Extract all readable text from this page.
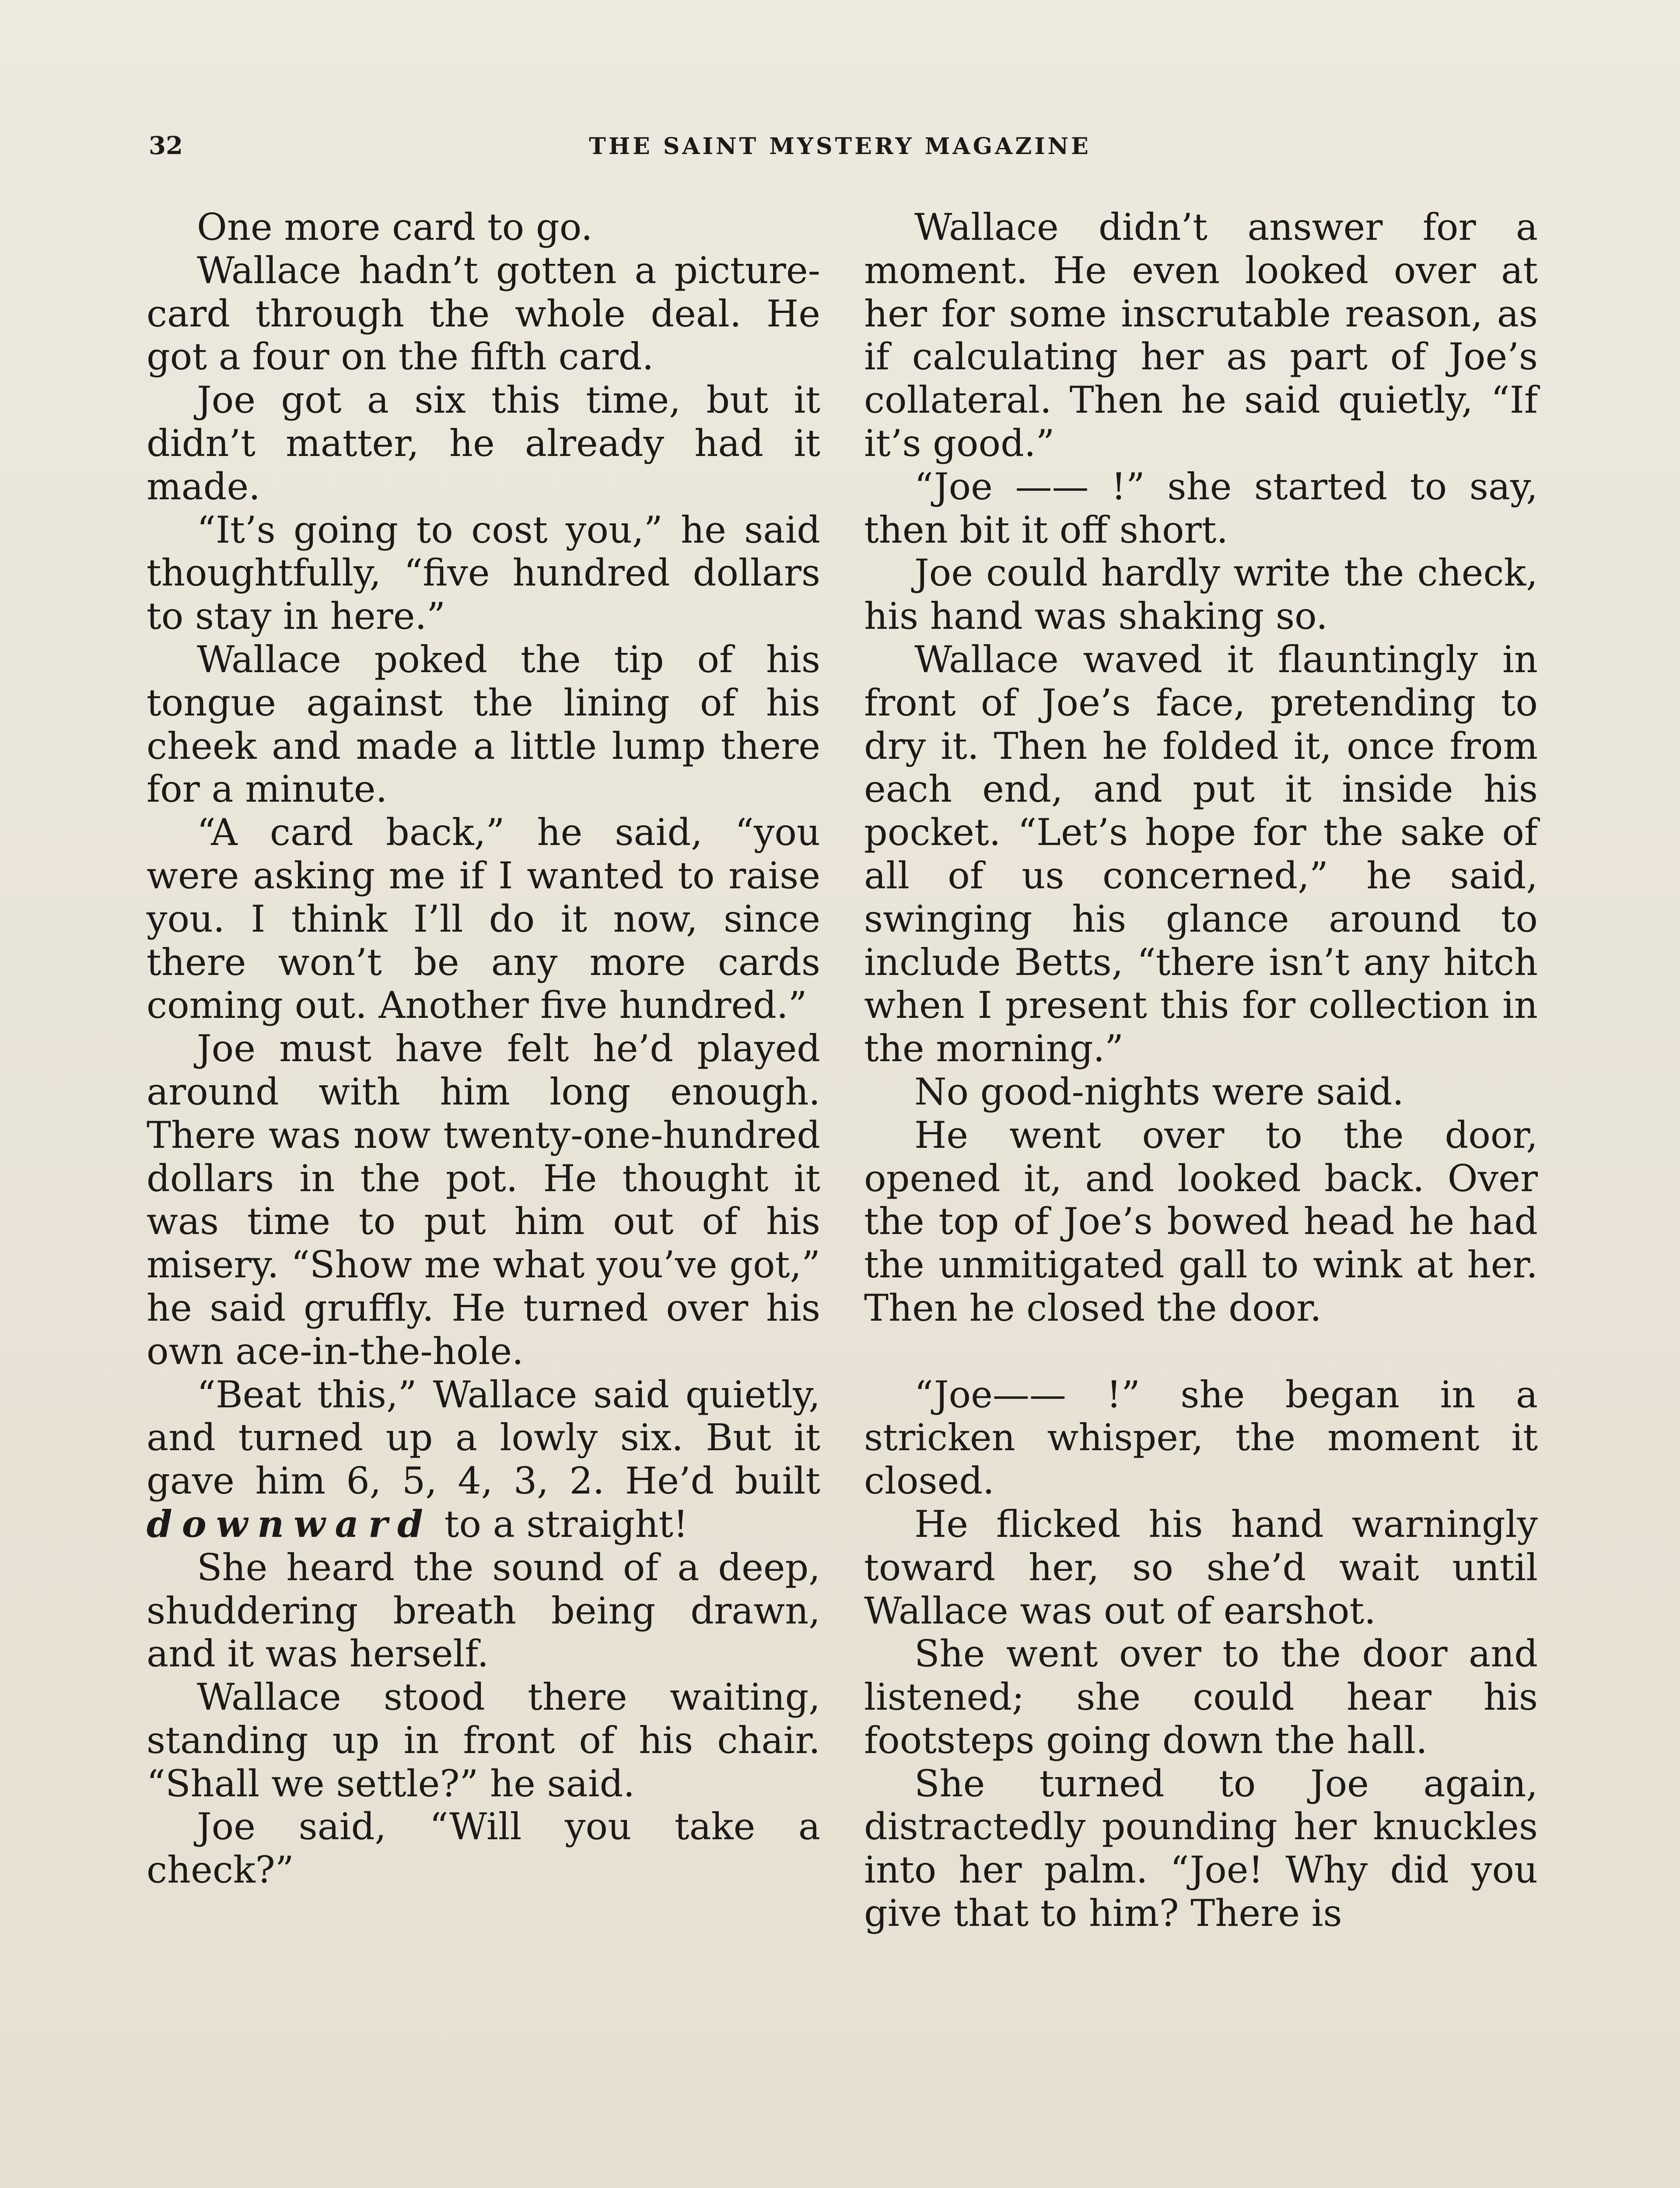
32	THE SAINT MYSTERY MAGAZINE

One more card to go.

Wallace hadn’t gotten a picture-card through the whole deal. He got a four on the fifth card.

Joe got a six this time, but it didn’t matter, he already had it made.

“It’s going to cost you,” he said thoughtfully, “five hundred dollars to stay in here.”

Wallace poked the tip of his tongue against the lining of his cheek and made a little lump there for a minute.

“A card back,” he said, “you were asking me if I wanted to raise you. I think I’ll do it now, since there won’t be any more cards coming out. Another five hundred.”

Joe must have felt he’d played around with him long enough. There was now twenty-one-hundred dollars in the pot. He thought it was time to put him out of his misery. “Show me what you’ve got,” he said gruffly. He turned over his own ace-in-the-hole.

“Beat this,” Wallace said quietly, and turned up a lowly six. But it gave him 6, 5, 4, 3, 2. He’d built downward to a straight!

She heard the sound of a deep, shuddering breath being drawn, and it was herself.

Wallace stood there waiting, standing up in front of his chair. “Shall we settle?” he said.

Joe said, “Will you take a check?”

Wallace didn’t answer for a moment. He even looked over at her for some inscrutable reason, as if calculating her as part of Joe’s collateral. Then he said quietly, “If it’s good.”

“Joe —— !” she started to say, then bit it off short.

Joe could hardly write the check, his hand was shaking so.

Wallace waved it flauntingly in front of Joe’s face, pretending to dry it. Then he folded it, once from each end, and put it inside his pocket. “Let’s hope for the sake of all of us concerned,” he said, swinging his glance around to include Betts, “there isn’t any hitch when I present this for collection in the morning.”

No good-nights were said.

He went over to the door, opened it, and looked back. Over the top of Joe’s bowed head he had the unmitigated gall to wink at her. Then he closed the door.

“Joe—— !” she began in a stricken whisper, the moment it closed.

He flicked his hand warningly toward her, so she’d wait until Wallace was out of earshot.

She went over to the door and listened; she could hear his footsteps going down the hall.

She turned to Joe again, distractedly pounding her knuckles into her palm. “Joe! Why did you give that to him? There is
